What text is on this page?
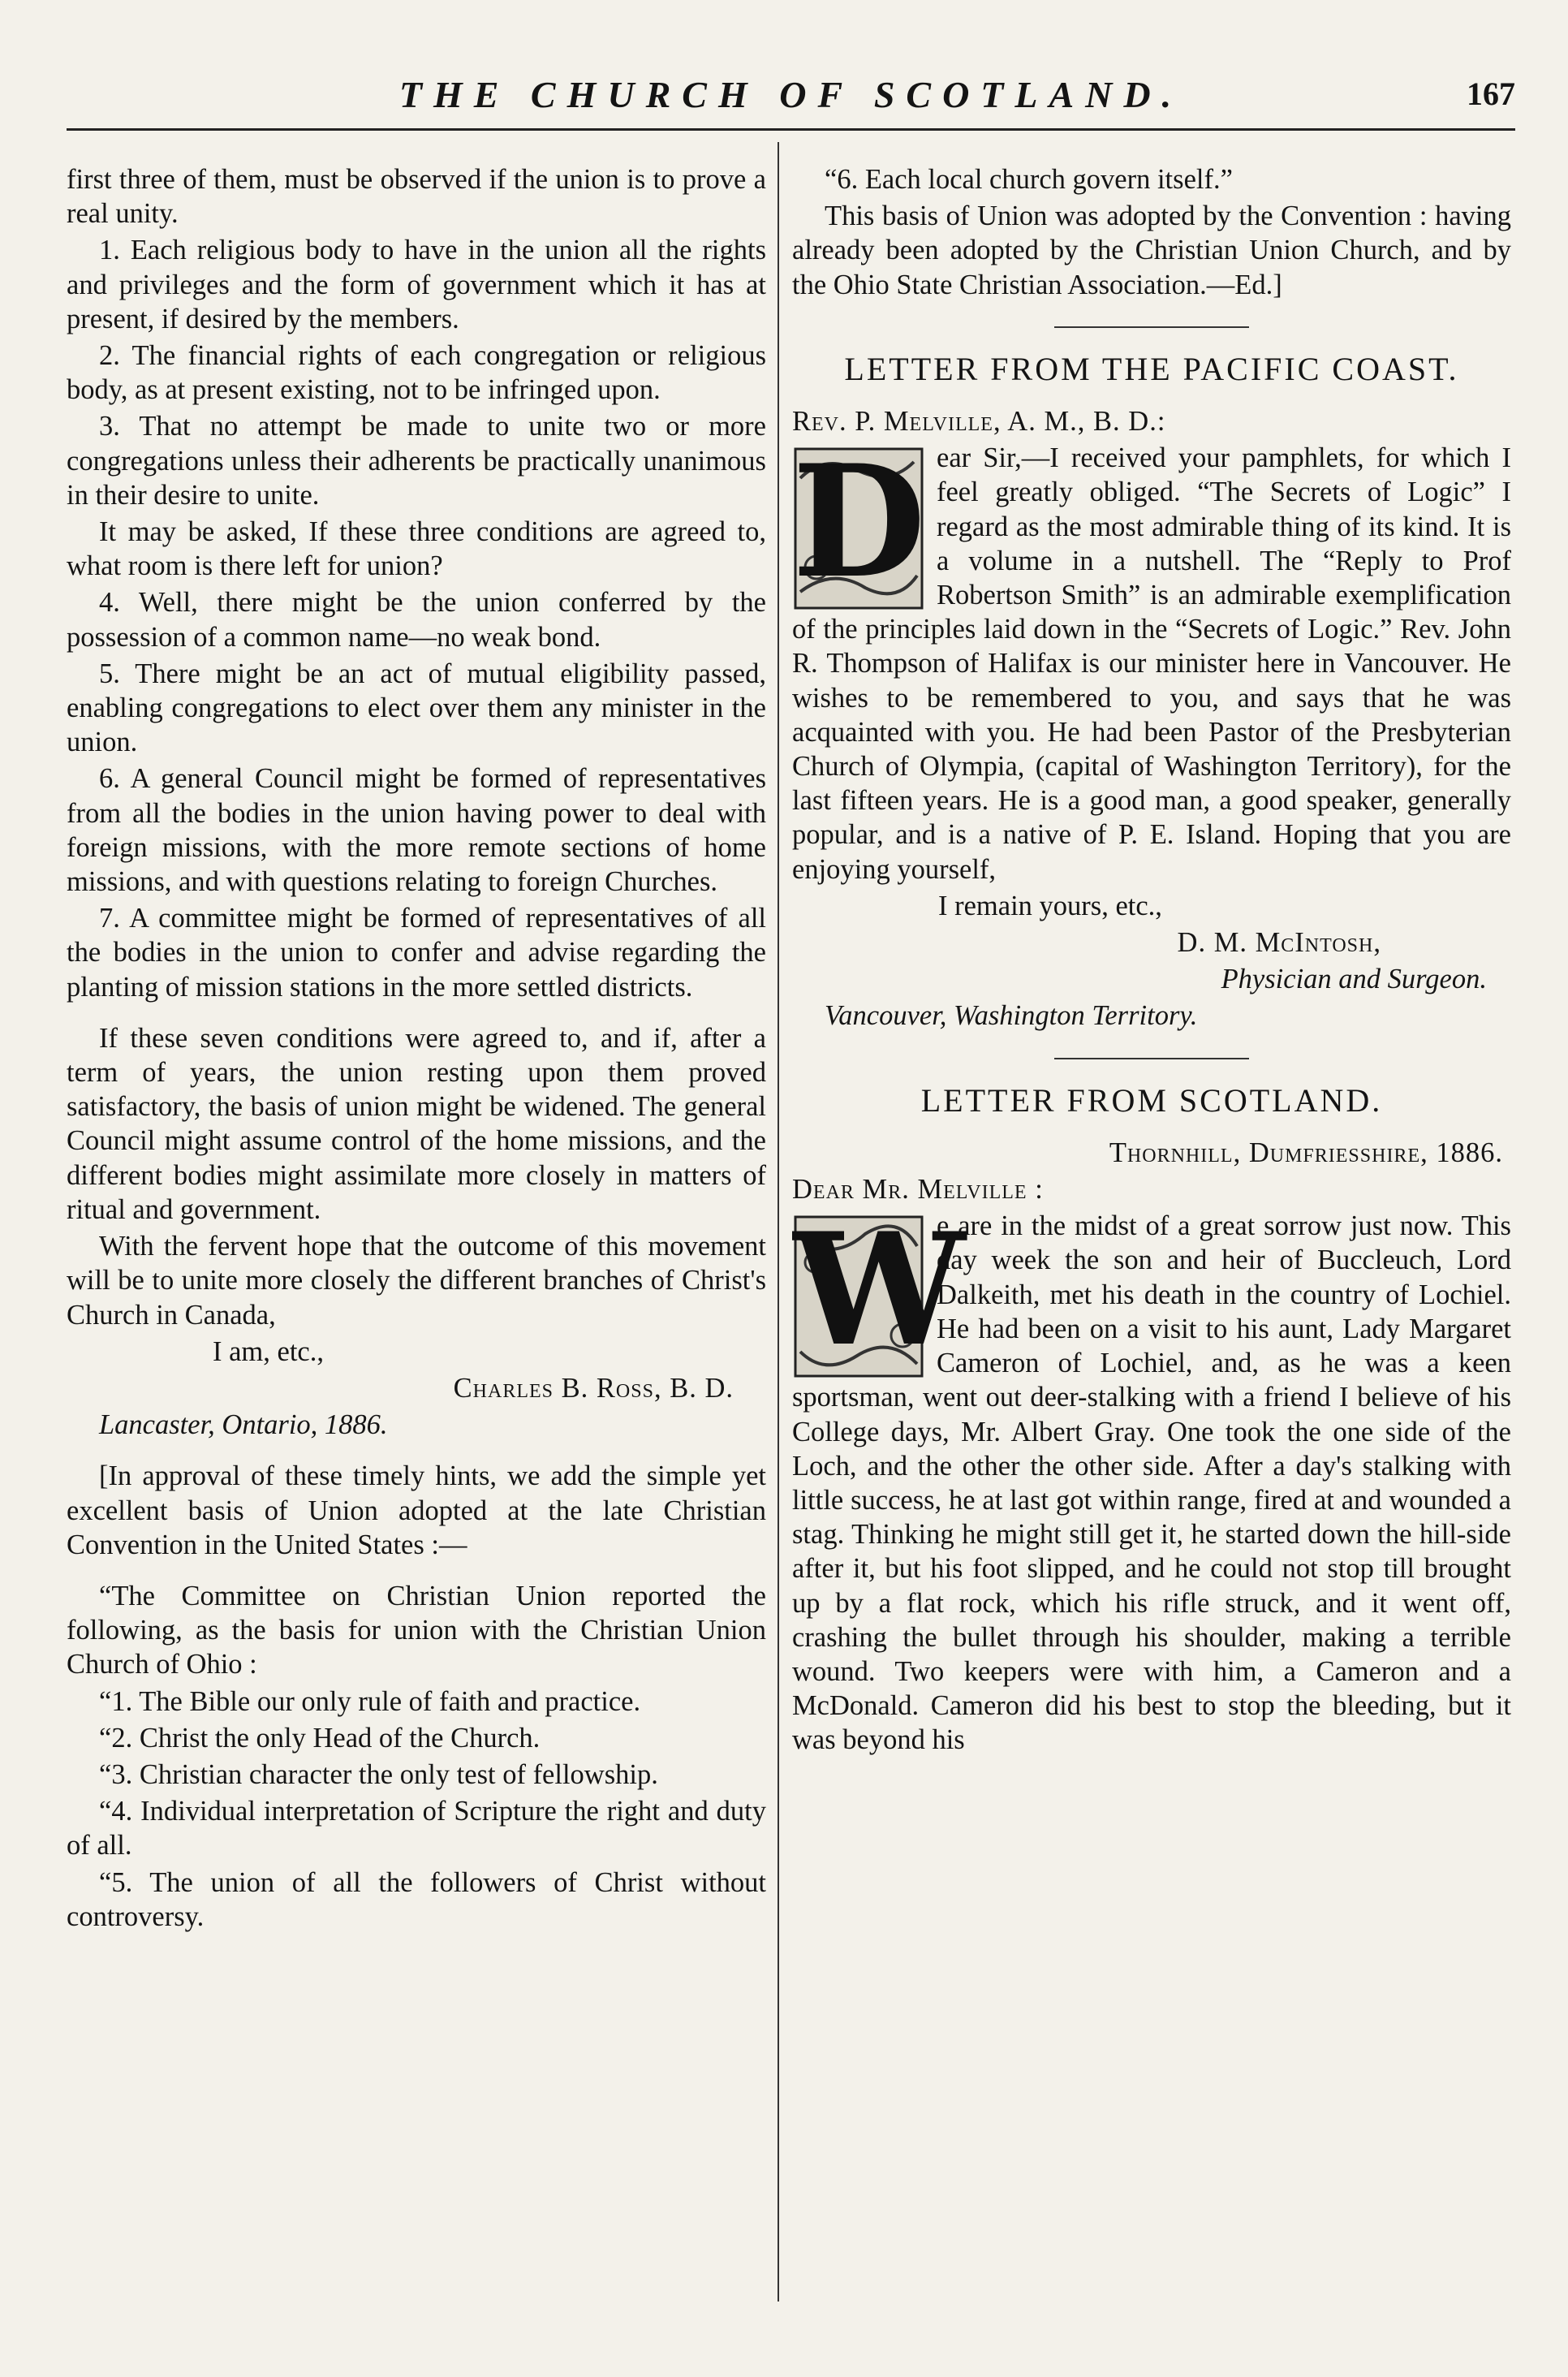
THE CHURCH OF SCOTLAND.	167

first three of them, must be observed if the union is to prove a real unity.

1. Each religious body to have in the union all the rights and privileges and the form of government which it has at present, if desired by the members.

2. The financial rights of each congregation or religious body, as at present existing, not to be infringed upon.

3. That no attempt be made to unite two or more congregations unless their adherents be practically unanimous in their desire to unite.

It may be asked, If these three conditions are agreed to, what room is there left for union?

4. Well, there might be the union conferred by the possession of a common name—no weak bond.

5. There might be an act of mutual eligibility passed, enabling congregations to elect over them any minister in the union.

6. A general Council might be formed of representatives from all the bodies in the union having power to deal with foreign missions, with the more remote sections of home missions, and with questions relating to foreign Churches.

7. A committee might be formed of representatives of all the bodies in the union to confer and advise regarding the planting of mission stations in the more settled districts.

If these seven conditions were agreed to, and if, after a term of years, the union resting upon them proved satisfactory, the basis of union might be widened. The general Council might assume control of the home missions, and the different bodies might assimilate more closely in matters of ritual and government.

With the fervent hope that the outcome of this movement will be to unite more closely the different branches of Christ's Church in Canada,

I am, etc.,

Charles B. Ross, B. D.

Lancaster, Ontario, 1886.

[In approval of these timely hints, we add the simple yet excellent basis of Union adopted at the late Christian Convention in the United States :—

“The Committee on Christian Union reported the following, as the basis for union with the Christian Union Church of Ohio :

“1. The Bible our only rule of faith and practice.

“2. Christ the only Head of the Church.

“3. Christian character the only test of fellowship.

“4. Individual interpretation of Scripture the right and duty of all.

“5. The union of all the followers of Christ without controversy.

“6. Each local church govern itself.”

This basis of Union was adopted by the Convention : having already been adopted by the Christian Union Church, and by the Ohio State Christian Association.—Ed.]

LETTER FROM THE PACIFIC COAST.

Rev. P. Melville, A. M., B. D.:

D ear Sir,—I received your pamphlets, for which I feel greatly obliged. “The Secrets of Logic” I regard as the most admirable thing of its kind. It is a volume in a nutshell. The “Reply to Prof Robertson Smith” is an admirable exemplification of the principles laid down in the “Secrets of Logic.” Rev. John R. Thompson of Halifax is our minister here in Vancouver. He wishes to be remembered to you, and says that he was acquainted with you. He had been Pastor of the Presbyterian Church of Olympia, (capital of Washington Territory), for the last fifteen years. He is a good man, a good speaker, generally popular, and is a native of P. E. Island. Hoping that you are enjoying yourself,

I remain yours, etc.,

D. M. McIntosh,

Physician and Surgeon.

Vancouver, Washington Territory.

LETTER FROM SCOTLAND.

Thornhill, Dumfriesshire, 1886.

Dear Mr. Melville :

W

e are in the midst of a great sorrow just now. This day week the son and heir of Buccleuch, Lord Dalkeith, met his death in the country of Lochiel. He had been on a visit to his aunt, Lady Margaret Cameron of Lochiel, and, as he was a keen sportsman, went out deer-stalking with a friend I believe of his College days, Mr. Albert Gray. One took the one side of the Loch, and the other the other side. After a day's stalking with little success, he at last got within range, fired at and wounded a stag. Thinking he might still get it, he started down the hill-side after it, but his foot slipped, and he could not stop till brought up by a flat rock, which his rifle struck, and it went off, crashing the bullet through his shoulder, making a terrible wound. Two keepers were with him, a Cameron and a McDonald. Cameron did his best to stop the bleeding, but it was beyond his
